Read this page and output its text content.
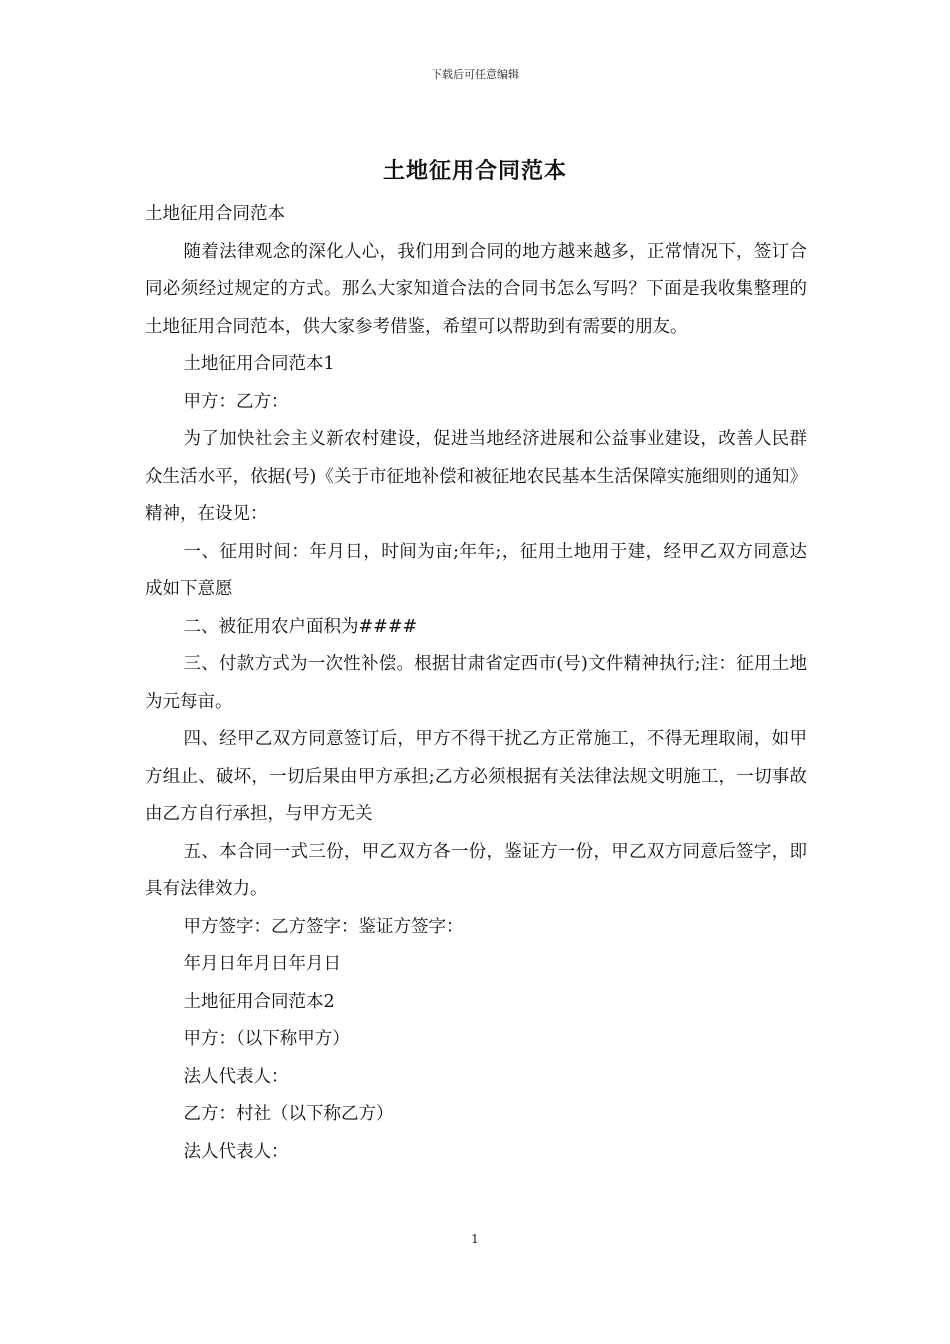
下载后可任意编辑
土地征用合同范本

土地征用合同范本

随着法律观念的深化人心，我们用到合同的地方越来越多，正常情况下，签订合同必须经过规定的方式。那么大家知道合法的合同书怎么写吗？下面是我收集整理的土地征用合同范本，供大家参考借鉴，希望可以帮助到有需要的朋友。

土地征用合同范本1

甲方：乙方：

为了加快社会主义新农村建设，促进当地经济进展和公益事业建设，改善人民群众生活水平，依据(号)《关于市征地补偿和被征地农民基本生活保障实施细则的通知》精神，在设见：

一、征用时间：年月日，时间为亩;年年;，征用土地用于建，经甲乙双方同意达成如下意愿

二、被征用农户面积为####

三、付款方式为一次性补偿。根据甘肃省定西市(号)文件精神执行;注：征用土地为元每亩。

四、经甲乙双方同意签订后，甲方不得干扰乙方正常施工，不得无理取闹，如甲方组止、破坏，一切后果由甲方承担;乙方必须根据有关法律法规文明施工，一切事故由乙方自行承担，与甲方无关

五、本合同一式三份，甲乙双方各一份，鉴证方一份，甲乙双方同意后签字，即具有法律效力。

甲方签字：乙方签字：鉴证方签字：

年月日年月日年月日

土地征用合同范本2

甲方：（以下称甲方）

法人代表人：

乙方：村社（以下称乙方）

法人代表人：

1
